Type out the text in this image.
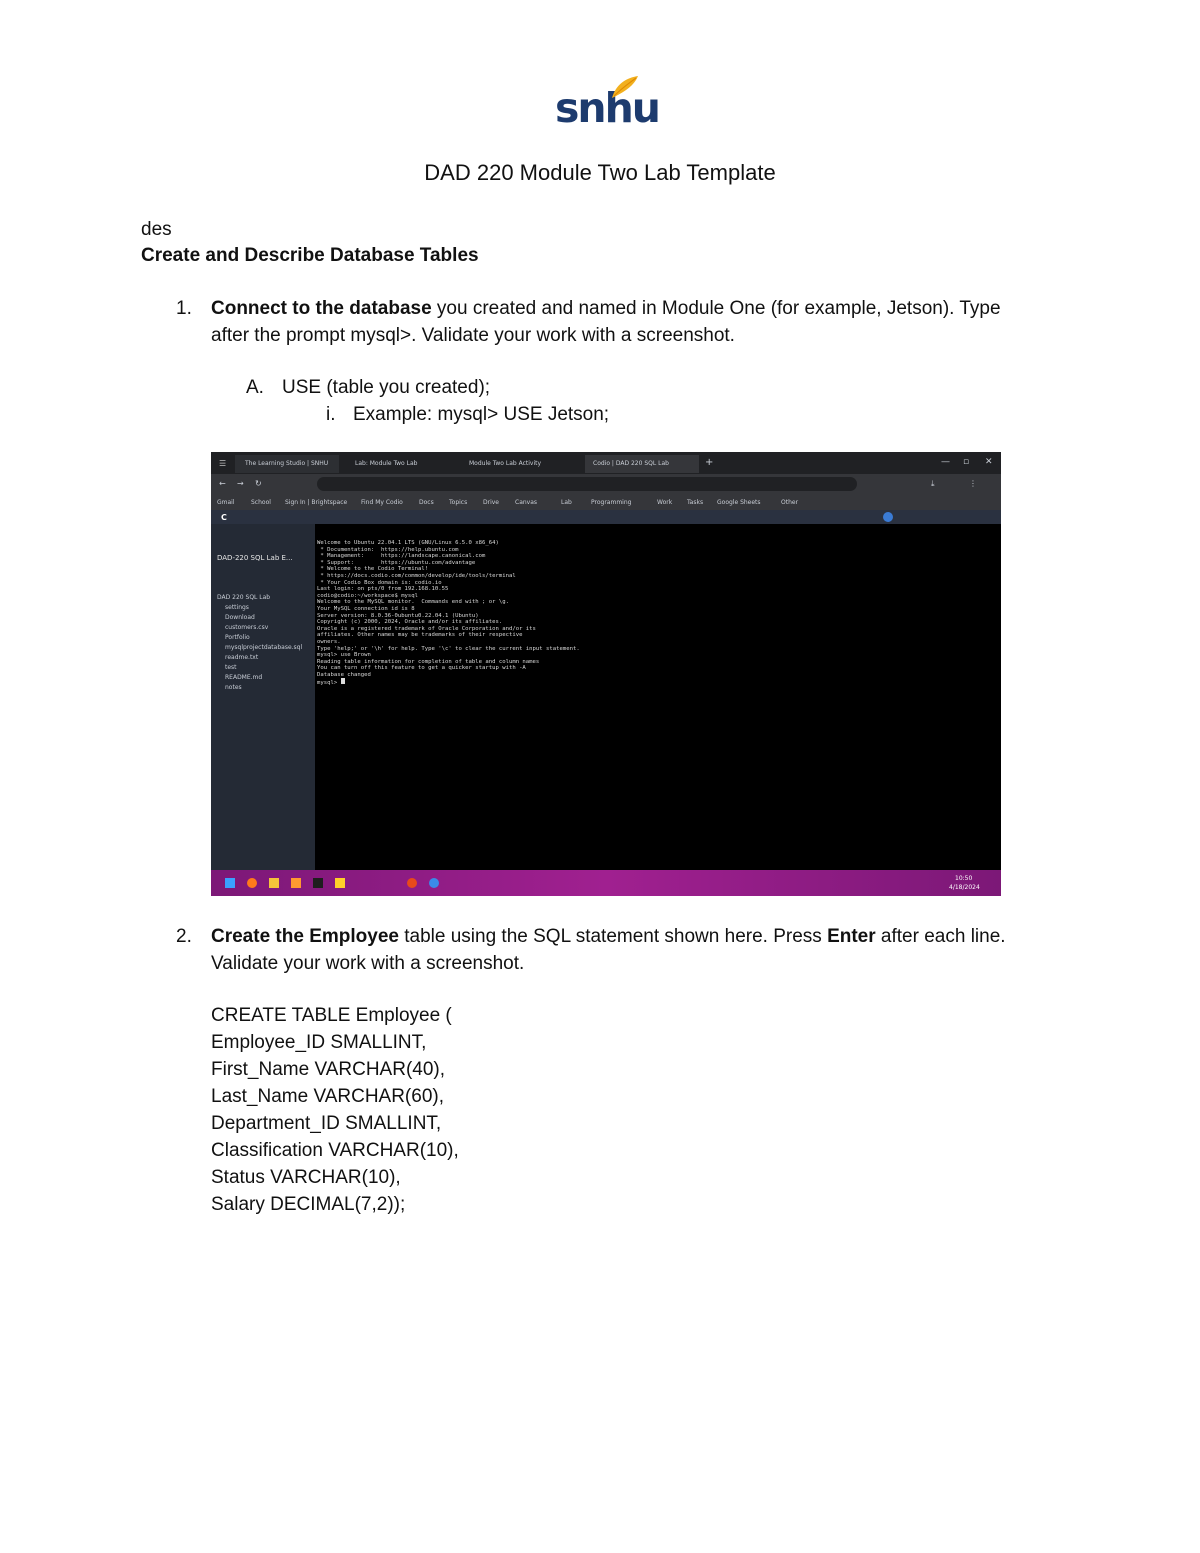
snhu
DAD 220 Module Two Lab Template
des
Create and Describe Database Tables
1. Connect to the database you created and named in Module One (for example, Jetson). Type
after the prompt mysql>. Validate your work with a screenshot.
A. USE (table you created);
i. Example: mysql> USE Jetson;
☰	The Learning Studio | SNHU	Lab: Module Two Lab	Module Two Lab Activity	Codio | DAD 220 SQL Lab	+	— ▫ ✕
← → ↻	⤓	⋮
Gmail	School Sign In | Brightspace Find My Codio	Docs	Topics	Drive	Canvas	Lab	Programming	Work Tasks Google Sheets	Other
C
DAD-220 SQL Lab E...
DAD 220 SQL Lab
settings
Download
customers.csv
Portfolio
mysqlprojectdatabase.sql
readme.txt
test
README.md
notes
Welcome to Ubuntu 22.04.1 LTS (GNU/Linux 6.5.0 x86_64)
* Documentation:  https://help.ubuntu.com
* Management:     https://landscape.canonical.com
* Support:        https://ubuntu.com/advantage
* Welcome to the Codio Terminal!
* https://docs.codio.com/common/develop/ide/tools/terminal
* Your Codio Box domain is: codio.io
Last login: on pts/0 from 192.168.10.55
codio@codio:~/workspace$ mysql
Welcome to the MySQL monitor.  Commands end with ; or \g.
Your MySQL connection id is 8
Server version: 8.0.36-0ubuntu0.22.04.1 (Ubuntu)
Copyright (c) 2000, 2024, Oracle and/or its affiliates.
Oracle is a registered trademark of Oracle Corporation and/or its
affiliates. Other names may be trademarks of their respective
owners.
Type 'help;' or '\h' for help. Type '\c' to clear the current input statement.
mysql> use Brown
Reading table information for completion of table and column names
You can turn off this feature to get a quicker startup with -A
Database changed
mysql>
10:50
4/18/2024
2. Create the Employee table using the SQL statement shown here. Press Enter after each line.
Validate your work with a screenshot.
CREATE TABLE Employee (
Employee_ID SMALLINT,
First_Name VARCHAR(40),
Last_Name VARCHAR(60),
Department_ID SMALLINT,
Classification VARCHAR(10),
Status VARCHAR(10),
Salary DECIMAL(7,2));
